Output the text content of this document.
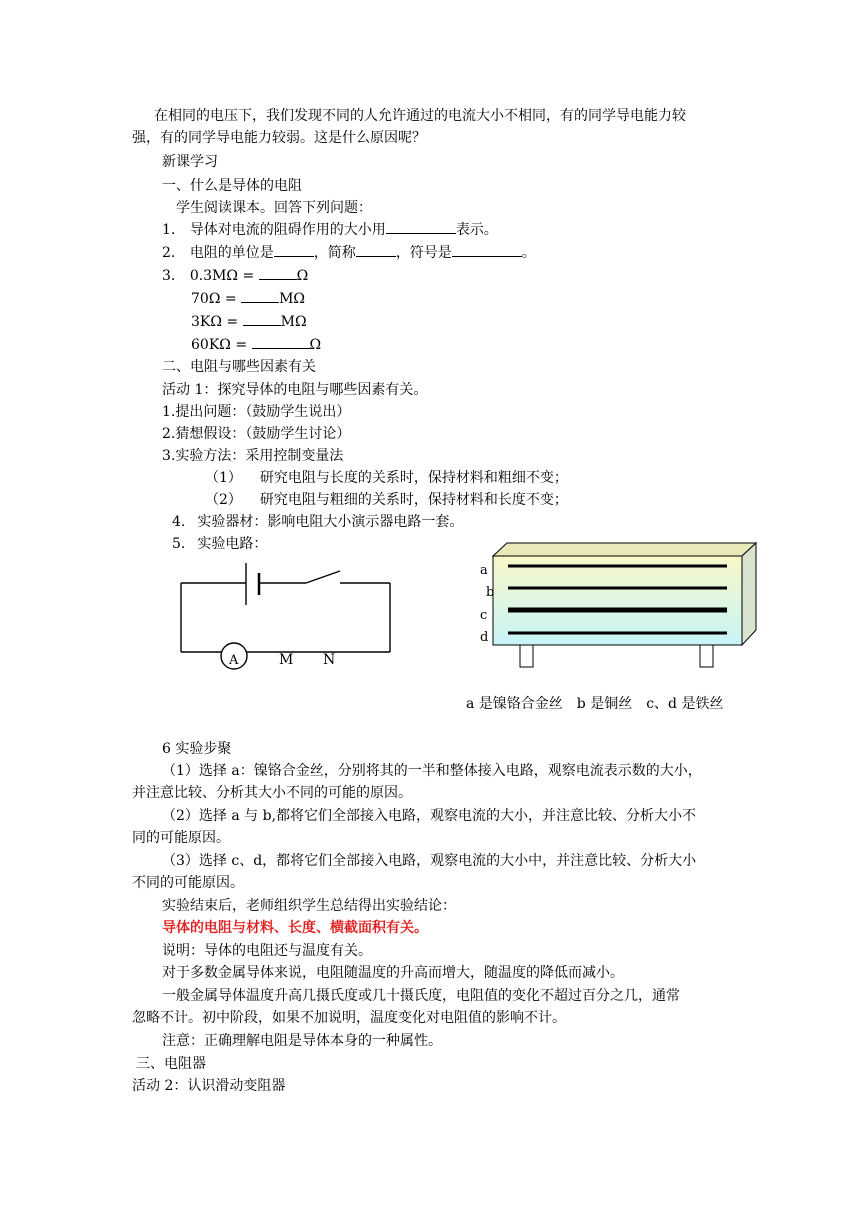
在相同的电压下，我们发现不同的人允许通过的电流大小不相同，有的同学导电能力较
强，有的同学导电能力较弱。这是什么原因呢？
新课学习
一、什么是导体的电阻
学生阅读课本。回答下列问题：
1. 导体对电流的阻碍作用的大小用	表示。
2. 电阻的单位是	，简称	，符号是	。
3. 0.3MΩ =	Ω
70Ω =	MΩ
3KΩ =	MΩ
60KΩ =	Ω
二、电阻与哪些因素有关
活动 1：探究导体的电阻与哪些因素有关。
1.提出问题：（鼓励学生说出）
2.猜想假设：（鼓励学生讨论）
3.实验方法：采用控制变量法
（1） 研究电阻与长度的关系时，保持材料和粗细不变；
（2） 研究电阻与粗细的关系时，保持材料和长度不变；
4. 实验器材：影响电阻大小演示器电路一套。
5. 实验电路：
A	M N
a
b
c
d
a 是镍铬合金丝　b 是铜丝　c、d 是铁丝
6 实验步聚
（1）选择 a：镍铬合金丝，分别将其的一半和整体接入电路，观察电流表示数的大小，
并注意比较、分析其大小不同的可能的原因。
（2）选择 a 与 b,都将它们全部接入电路，观察电流的大小，并注意比较、分析大小不
同的可能原因。
（3）选择 c、d，都将它们全部接入电路，观察电流的大小中，并注意比较、分析大小
不同的可能原因。
实验结束后，老师组织学生总结得出实验结论：
导体的电阻与材料、长度、横截面积有关。
说明：导体的电阻还与温度有关。
对于多数金属导体来说，电阻随温度的升高而增大，随温度的降低而减小。
一般金属导体温度升高几摄氏度或几十摄氏度，电阻值的变化不超过百分之几，通常
忽略不计。初中阶段，如果不加说明，温度变化对电阻值的影响不计。
注意：正确理解电阻是导体本身的一种属性。
三、电阻器
活动 2：认识滑动变阻器
